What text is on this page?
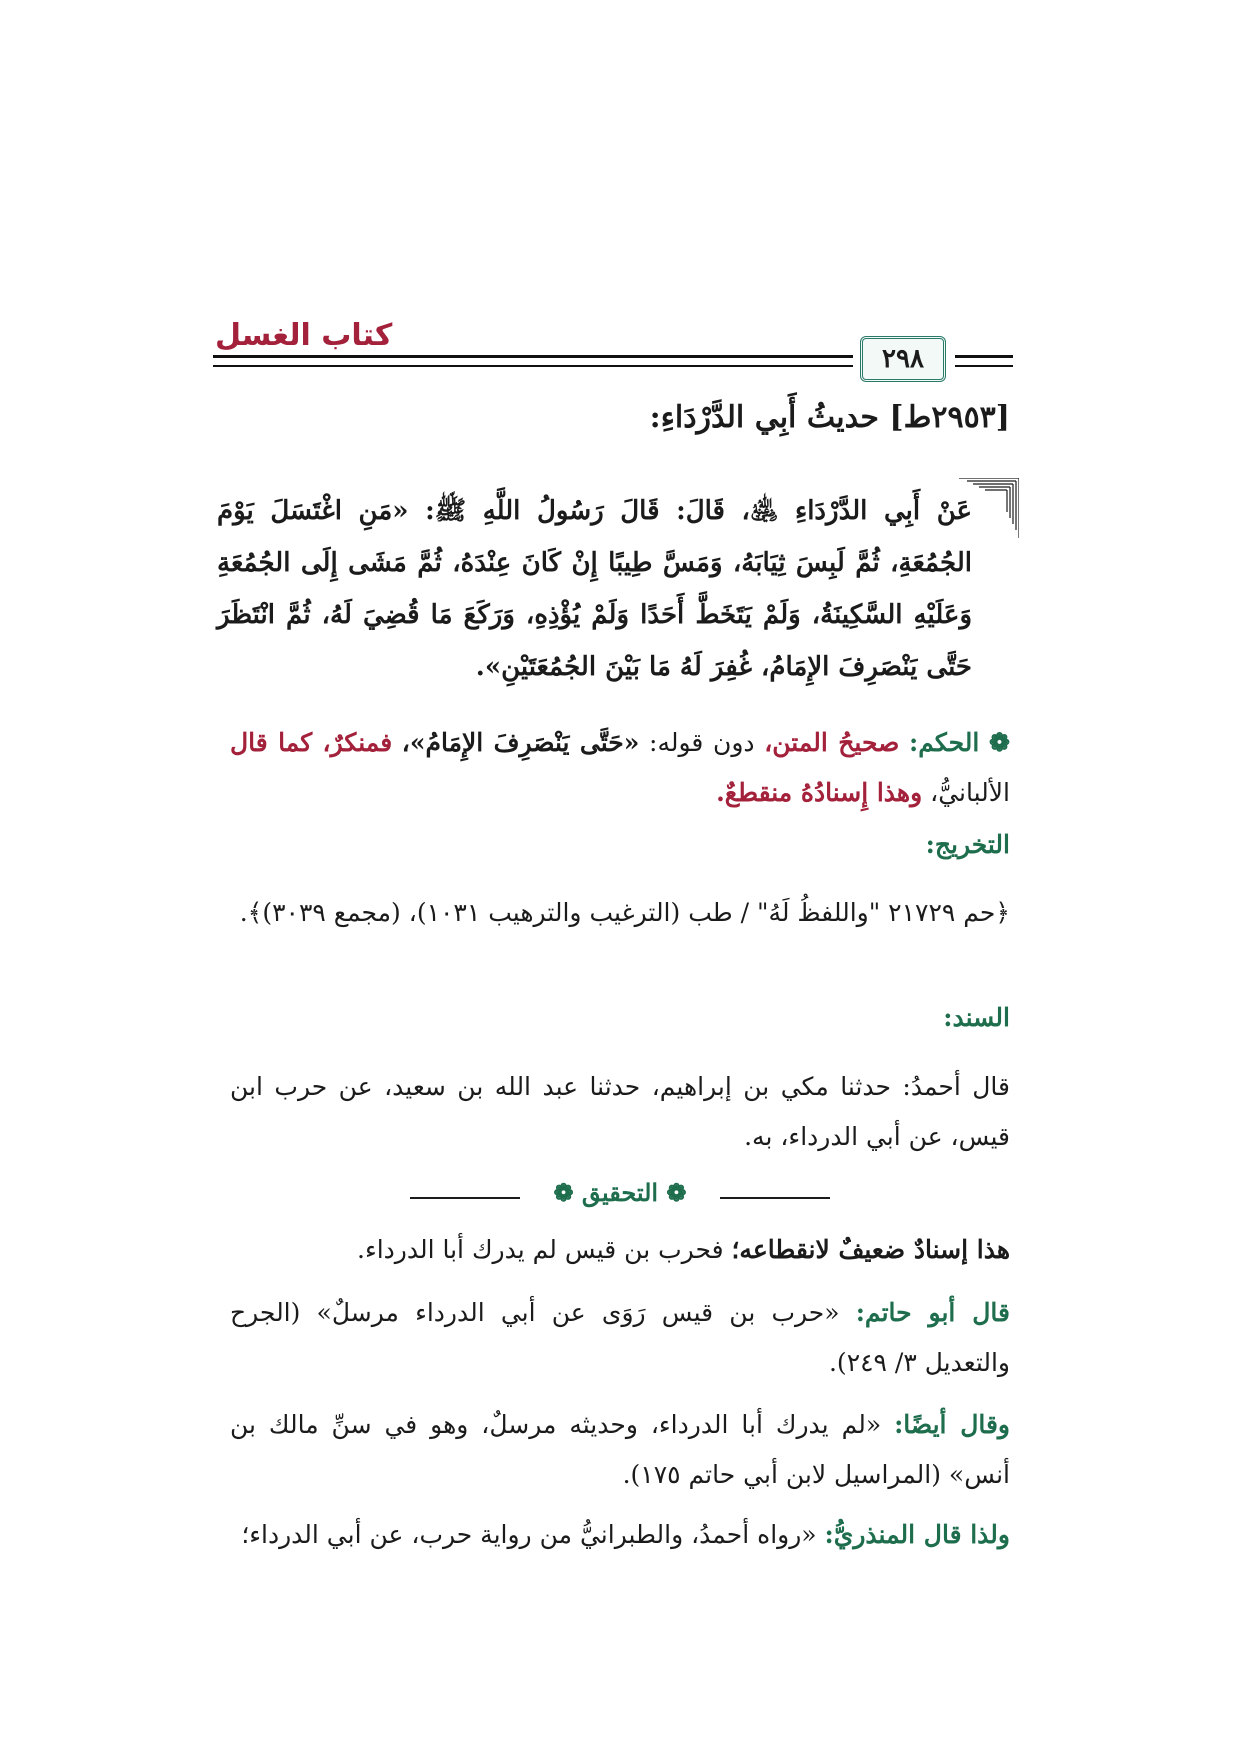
كتاب الغسل
٢٩٨
[٢٩٥٣ط] حديثُ أَبِي الدَّرْدَاءِ:
عَنْ أَبِي الدَّرْدَاءِ ﵁، قَالَ: قَالَ رَسُولُ اللَّهِ ﷺ: «مَنِ اغْتَسَلَ يَوْمَ الجُمُعَةِ، ثُمَّ لَبِسَ ثِيَابَهُ، وَمَسَّ طِيبًا إِنْ كَانَ عِنْدَهُ، ثُمَّ مَشَى إِلَى الجُمُعَةِ وَعَلَيْهِ السَّكِينَةُ، وَلَمْ يَتَخَطَّ أَحَدًا وَلَمْ يُؤْذِهِ، وَرَكَعَ مَا قُضِيَ لَهُ، ثُمَّ انْتَظَرَ حَتَّى يَنْصَرِفَ الإِمَامُ، غُفِرَ لَهُ مَا بَيْنَ الجُمُعَتَيْنِ».
❁ الحكم: صحيحُ المتن، دون قوله: «حَتَّى يَنْصَرِفَ الإِمَامُ»، فمنكرٌ، كما قال الألبانيُّ، وهذا إِسنادُهُ منقطعٌ.
التخريج:
﴿حم ٢١٧٢٩ "واللفظُ لَهُ" / طب (الترغيب والترهيب ١٠٣١)، (مجمع ٣٠٣٩)﴾.
السند:
قال أحمدُ: حدثنا مكي بن إبراهيم، حدثنا عبد الله بن سعيد، عن حرب ابن قيس، عن أبي الدرداء، به.
❁ التحقيق ❁
هذا إسنادٌ ضعيفٌ لانقطاعه؛ فحرب بن قيس لم يدرك أبا الدرداء.
قال أبو حاتم: «حرب بن قيس رَوَى عن أبي الدرداء مرسلٌ» (الجرح والتعديل ٣/ ٢٤٩).
وقال أيضًا: «لم يدرك أبا الدرداء، وحديثه مرسلٌ، وهو في سنِّ مالك بن أنس» (المراسيل لابن أبي حاتم ١٧٥).
ولذا قال المنذريُّ: «رواه أحمدُ، والطبرانيُّ من رواية حرب، عن أبي الدرداء؛
